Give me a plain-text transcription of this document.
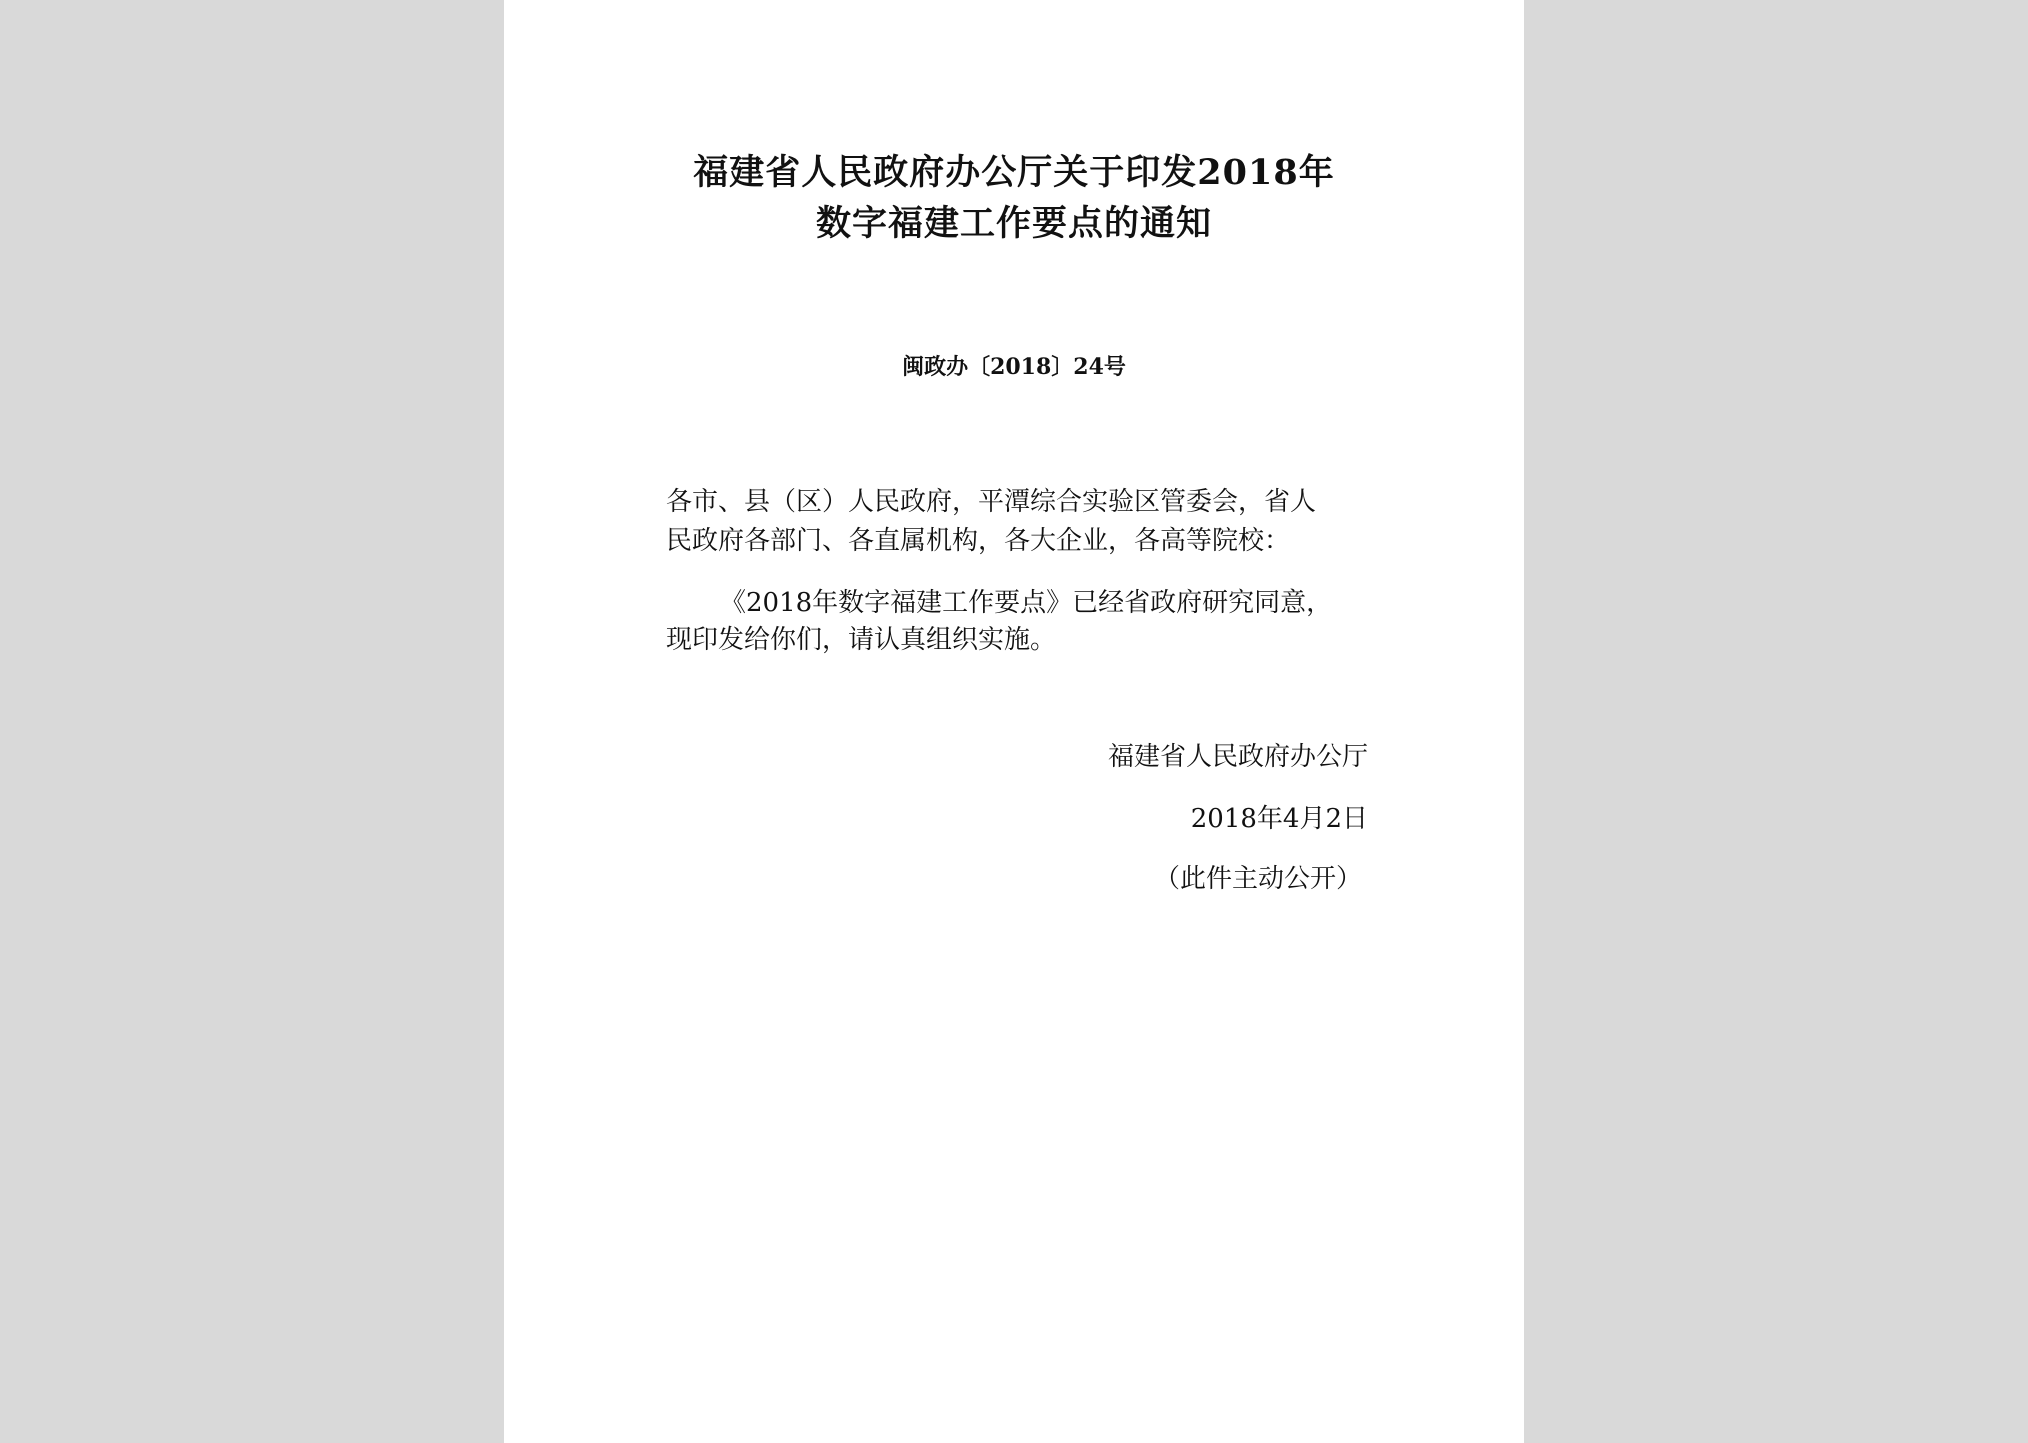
福建省人民政府办公厅关于印发2018年
数字福建工作要点的通知
闽政办〔2018〕24号
各市、县（区）人民政府，平潭综合实验区管委会，省人
民政府各部门、各直属机构，各大企业，各高等院校：
《2018年数字福建工作要点》已经省政府研究同意，
现印发给你们，请认真组织实施。
福建省人民政府办公厅
2018年4月2日
（此件主动公开）
